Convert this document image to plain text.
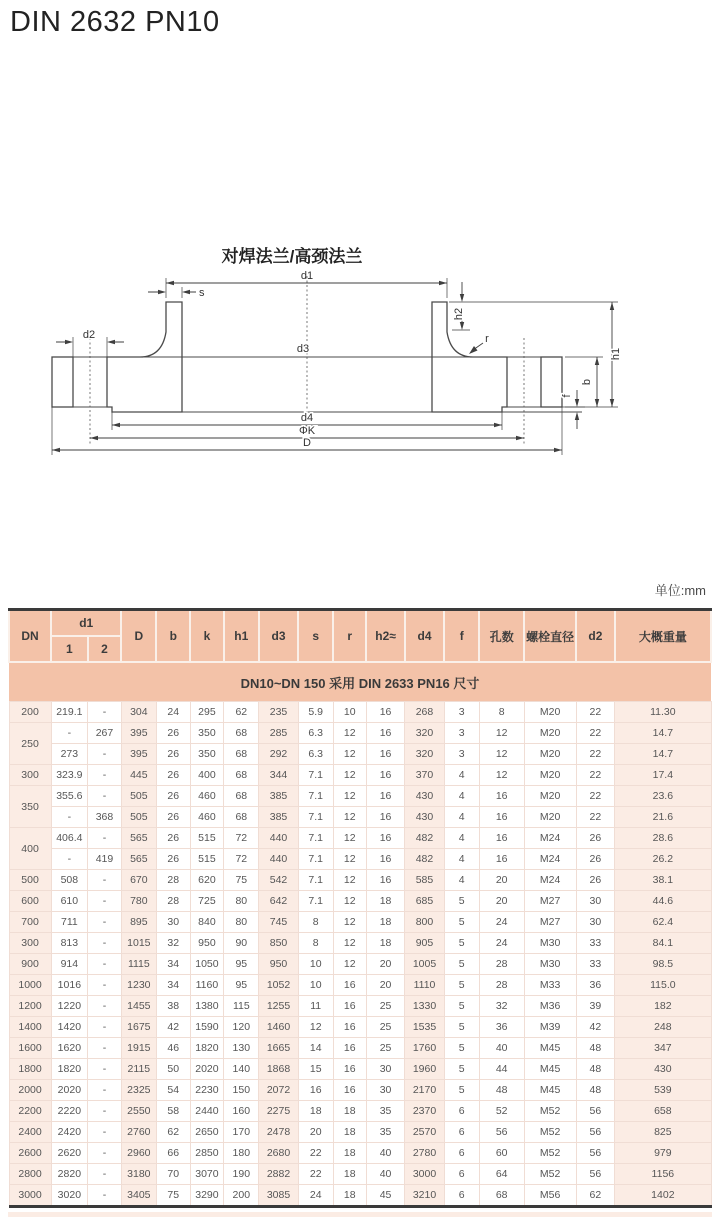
DIN 2632 PN10
对焊法兰/高颈法兰
d1
s
d2
d3
h2
r
h1
b
f
d4
ΦK
D
单位:mm
DN	d1		D	b	k	h1	d3	s	r	h2≈	d4	f	孔数	螺栓直径	d2	大概重量
	1	2														
DN10~DN 150 采用 DIN 2633 PN16 尺寸																
200	219.1	-	304	24	295	62	235	5.9	10	16	268	3	8	M20	22	11.30
250	-	267	395	26	350	68	285	6.3	12	16	320	3	12	M20	22	14.7
	273	-	395	26	350	68	292	6.3	12	16	320	3	12	M20	22	14.7
300	323.9	-	445	26	400	68	344	7.1	12	16	370	4	12	M20	22	17.4
350	355.6	-	505	26	460	68	385	7.1	12	16	430	4	16	M20	22	23.6
	-	368	505	26	460	68	385	7.1	12	16	430	4	16	M20	22	21.6
400	406.4	-	565	26	515	72	440	7.1	12	16	482	4	16	M24	26	28.6
	-	419	565	26	515	72	440	7.1	12	16	482	4	16	M24	26	26.2
500	508	-	670	28	620	75	542	7.1	12	16	585	4	20	M24	26	38.1
600	610	-	780	28	725	80	642	7.1	12	18	685	5	20	M27	30	44.6
700	711	-	895	30	840	80	745	8	12	18	800	5	24	M27	30	62.4
300	813	-	1015	32	950	90	850	8	12	18	905	5	24	M30	33	84.1
900	914	-	1115	34	1050	95	950	10	12	20	1005	5	28	M30	33	98.5
1000	1016	-	1230	34	1160	95	1052	10	16	20	1110	5	28	M33	36	115.0
1200	1220	-	1455	38	1380	115	1255	11	16	25	1330	5	32	M36	39	182
1400	1420	-	1675	42	1590	120	1460	12	16	25	1535	5	36	M39	42	248
1600	1620	-	1915	46	1820	130	1665	14	16	25	1760	5	40	M45	48	347
1800	1820	-	2115	50	2020	140	1868	15	16	30	1960	5	44	M45	48	430
2000	2020	-	2325	54	2230	150	2072	16	16	30	2170	5	48	M45	48	539
2200	2220	-	2550	58	2440	160	2275	18	18	35	2370	6	52	M52	56	658
2400	2420	-	2760	62	2650	170	2478	20	18	35	2570	6	56	M52	56	825
2600	2620	-	2960	66	2850	180	2680	22	18	40	2780	6	60	M52	56	979
2800	2820	-	3180	70	3070	190	2882	22	18	40	3000	6	64	M52	56	1156
3000	3020	-	3405	75	3290	200	3085	24	18	45	3210	6	68	M56	62	1402
